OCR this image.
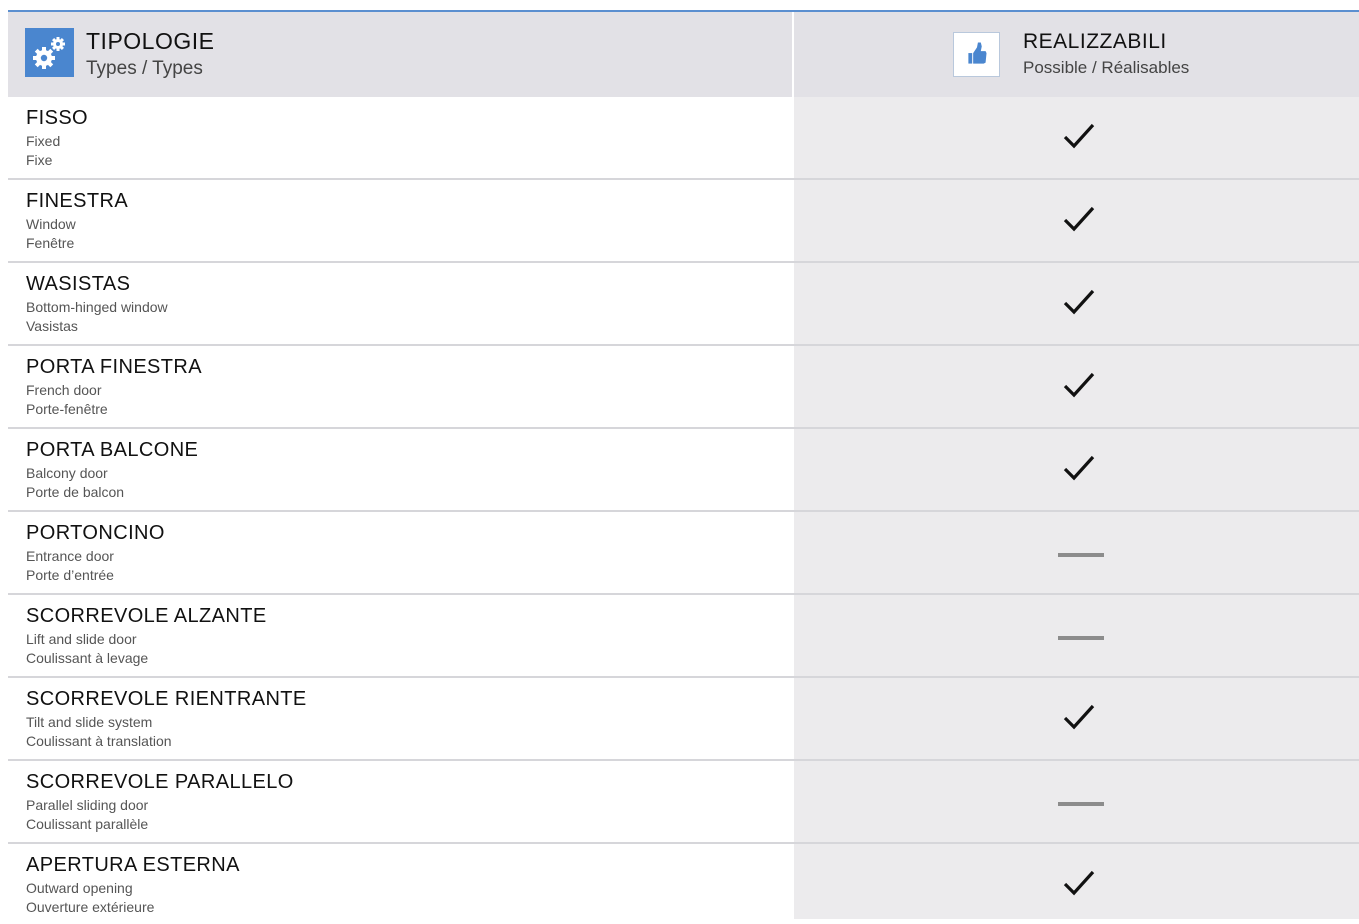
TIPOLOGIE
Types / Types
REALIZZABILI
Possible / Réalisables
FISSO
Fixed
Fixe
FINESTRA
Window
Fenêtre
WASISTAS
Bottom-hinged window
Vasistas
PORTA FINESTRA
French door
Porte-fenêtre
PORTA BALCONE
Balcony door
Porte de balcon
PORTONCINO
Entrance door
Porte d’entrée
SCORREVOLE ALZANTE
Lift and slide door
Coulissant à levage
SCORREVOLE RIENTRANTE
Tilt and slide system
Coulissant à translation
SCORREVOLE PARALLELO
Parallel sliding door
Coulissant parallèle
APERTURA ESTERNA
Outward opening
Ouverture extérieure
